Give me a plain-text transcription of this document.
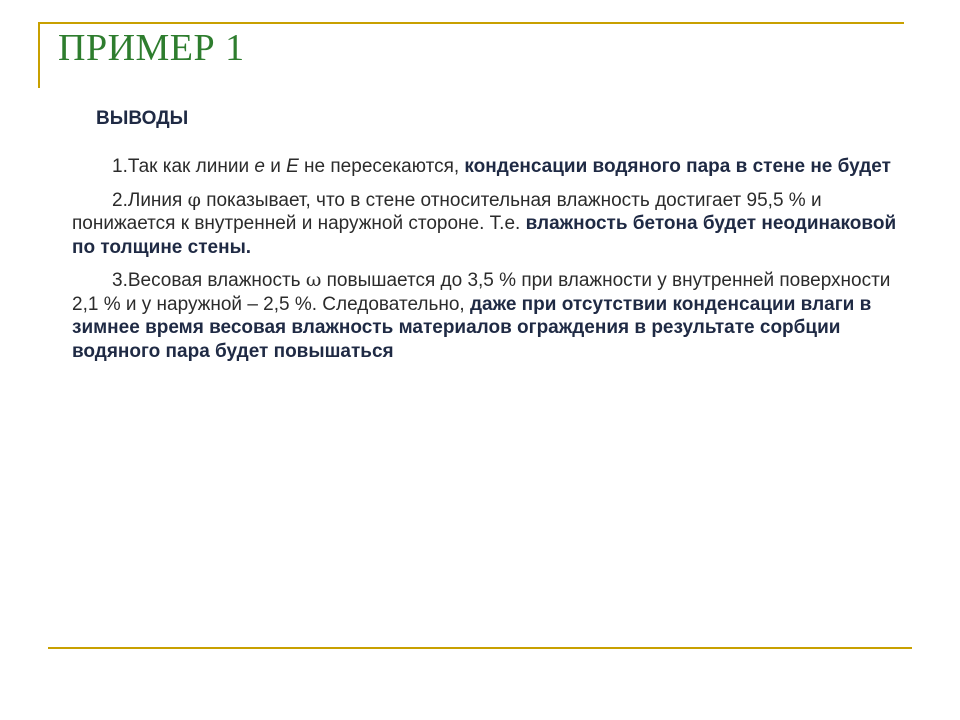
ПРИМЕР 1
ВЫВОДЫ

1.Так как линии е и Е не пересекаются, конденсации водяного пара в стене не будет

2.Линия φ показывает, что в стене относительная влажность достигает 95,5 % и понижается к внутренней и наружной стороне. Т.е. влажность бетона будет неодинаковой по толщине стены.

3.Весовая влажность ω повышается до 3,5 % при влажности у внутренней поверхности 2,1 % и у наружной – 2,5 %. Следовательно, даже при отсутствии конденсации влаги в зимнее время весовая влажность материалов ограждения в результате сорбции водяного пара будет повышаться
